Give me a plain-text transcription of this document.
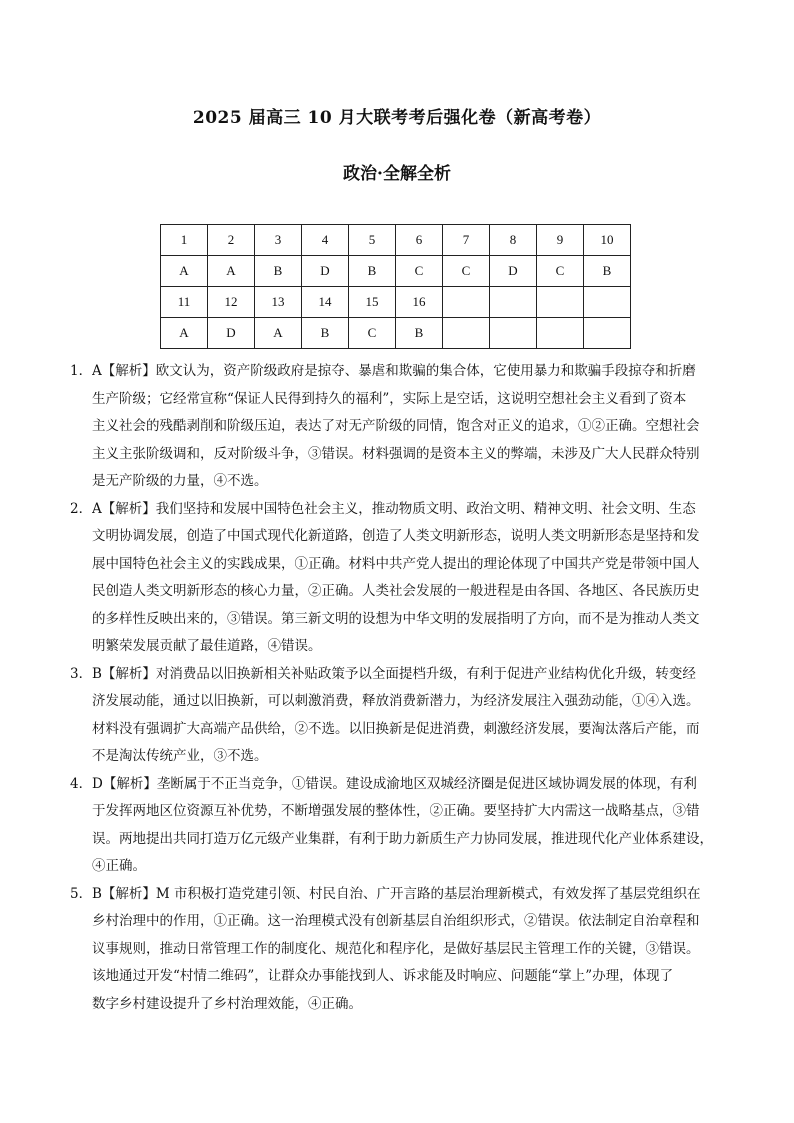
2025 届高三 10 月大联考考后强化卷（新高考卷）
政治·全解全析
1	2	3	4	5	6	7	8	9	10
A	A	B	D	B	C	C	D	C	B
11	12	13	14	15	16				
A	D	A	B	C	B				
1． A【解析】欧文认为，资产阶级政府是掠夺、暴虐和欺骗的集合体，它使用暴力和欺骗手段掠夺和折磨
生产阶级；它经常宣称“保证人民得到持久的福利”，实际上是空话，这说明空想社会主义看到了资本
主义社会的残酷剥削和阶级压迫，表达了对无产阶级的同情，饱含对正义的追求，①②正确。空想社会
主义主张阶级调和，反对阶级斗争，③错误。材料强调的是资本主义的弊端，未涉及广大人民群众特别
是无产阶级的力量，④不选。
2． A【解析】我们坚持和发展中国特色社会主义，推动物质文明、政治文明、精神文明、社会文明、生态
文明协调发展，创造了中国式现代化新道路，创造了人类文明新形态，说明人类文明新形态是坚持和发
展中国特色社会主义的实践成果，①正确。材料中共产党人提出的理论体现了中国共产党是带领中国人
民创造人类文明新形态的核心力量，②正确。人类社会发展的一般进程是由各国、各地区、各民族历史
的多样性反映出来的，③错误。第三新文明的设想为中华文明的发展指明了方向，而不是为推动人类文
明繁荣发展贡献了最佳道路，④错误。
3． B【解析】对消费品以旧换新相关补贴政策予以全面提档升级，有利于促进产业结构优化升级，转变经
济发展动能，通过以旧换新，可以刺激消费，释放消费新潜力，为经济发展注入强劲动能，①④入选。
材料没有强调扩大高端产品供给，②不选。以旧换新是促进消费，刺激经济发展，要淘汰落后产能，而
不是淘汰传统产业，③不选。
4． D【解析】垄断属于不正当竞争，①错误。建设成渝地区双城经济圈是促进区域协调发展的体现，有利
于发挥两地区位资源互补优势，不断增强发展的整体性，②正确。要坚持扩大内需这一战略基点，③错
误。两地提出共同打造万亿元级产业集群，有利于助力新质生产力协同发展，推进现代化产业体系建设，
④正确。
5． B【解析】M 市积极打造党建引领、村民自治、广开言路的基层治理新模式，有效发挥了基层党组织在
乡村治理中的作用，①正确。这一治理模式没有创新基层自治组织形式，②错误。依法制定自治章程和
议事规则，推动日常管理工作的制度化、规范化和程序化，是做好基层民主管理工作的关键，③错误。
该地通过开发“村情二维码”，让群众办事能找到人、诉求能及时响应、问题能“掌上”办理，体现了
数字乡村建设提升了乡村治理效能，④正确。
